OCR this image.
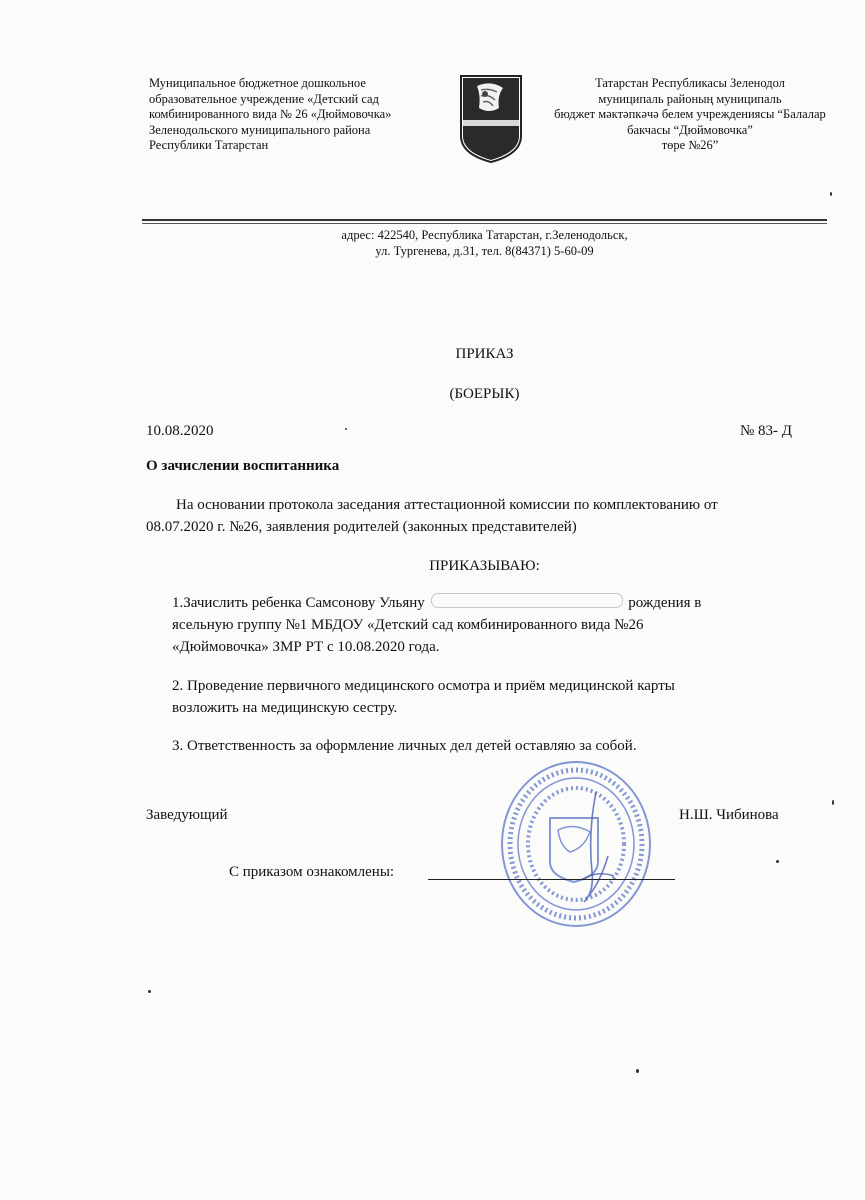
Муниципальное бюджетное дошкольное
образовательное учреждение «Детский сад
комбинированного вида № 26 «Дюймовочка»
Зеленодольского муниципального района
Республики Татарстан
Татарстан Республикасы Зеленодол
муниципаль районың муниципаль
бюджет мәктәпкәчә белем учреждениясы “Балалар
бакчасы “Дюймовочка”
төре №26”
адрес: 422540, Республика Татарстан, г.Зеленодольск,
ул. Тургенева, д.31, тел. 8(84371) 5-60-09
ПРИКАЗ
(БОЕРЫК)
10.08.2020	№ 83- Д
О зачислении воспитанника
На основании протокола заседания аттестационной комиссии по комплектованию от
08.07.2020 г. №26, заявления родителей (законных представителей)
ПРИКАЗЫВАЮ:
1.Зачислить ребенка Самсонову Ульяну	рождения в
ясельную группу №1 МБДОУ «Детский сад комбинированного вида №26
«Дюймовочка» ЗМР РТ с 10.08.2020 года.
2. Проведение первичного медицинского осмотра и приём медицинской карты
возложить на медицинскую сестру.
3. Ответственность за оформление личных дел детей оставляю за собой.
Заведующий	Н.Ш. Чибинова
С приказом ознакомлены:
